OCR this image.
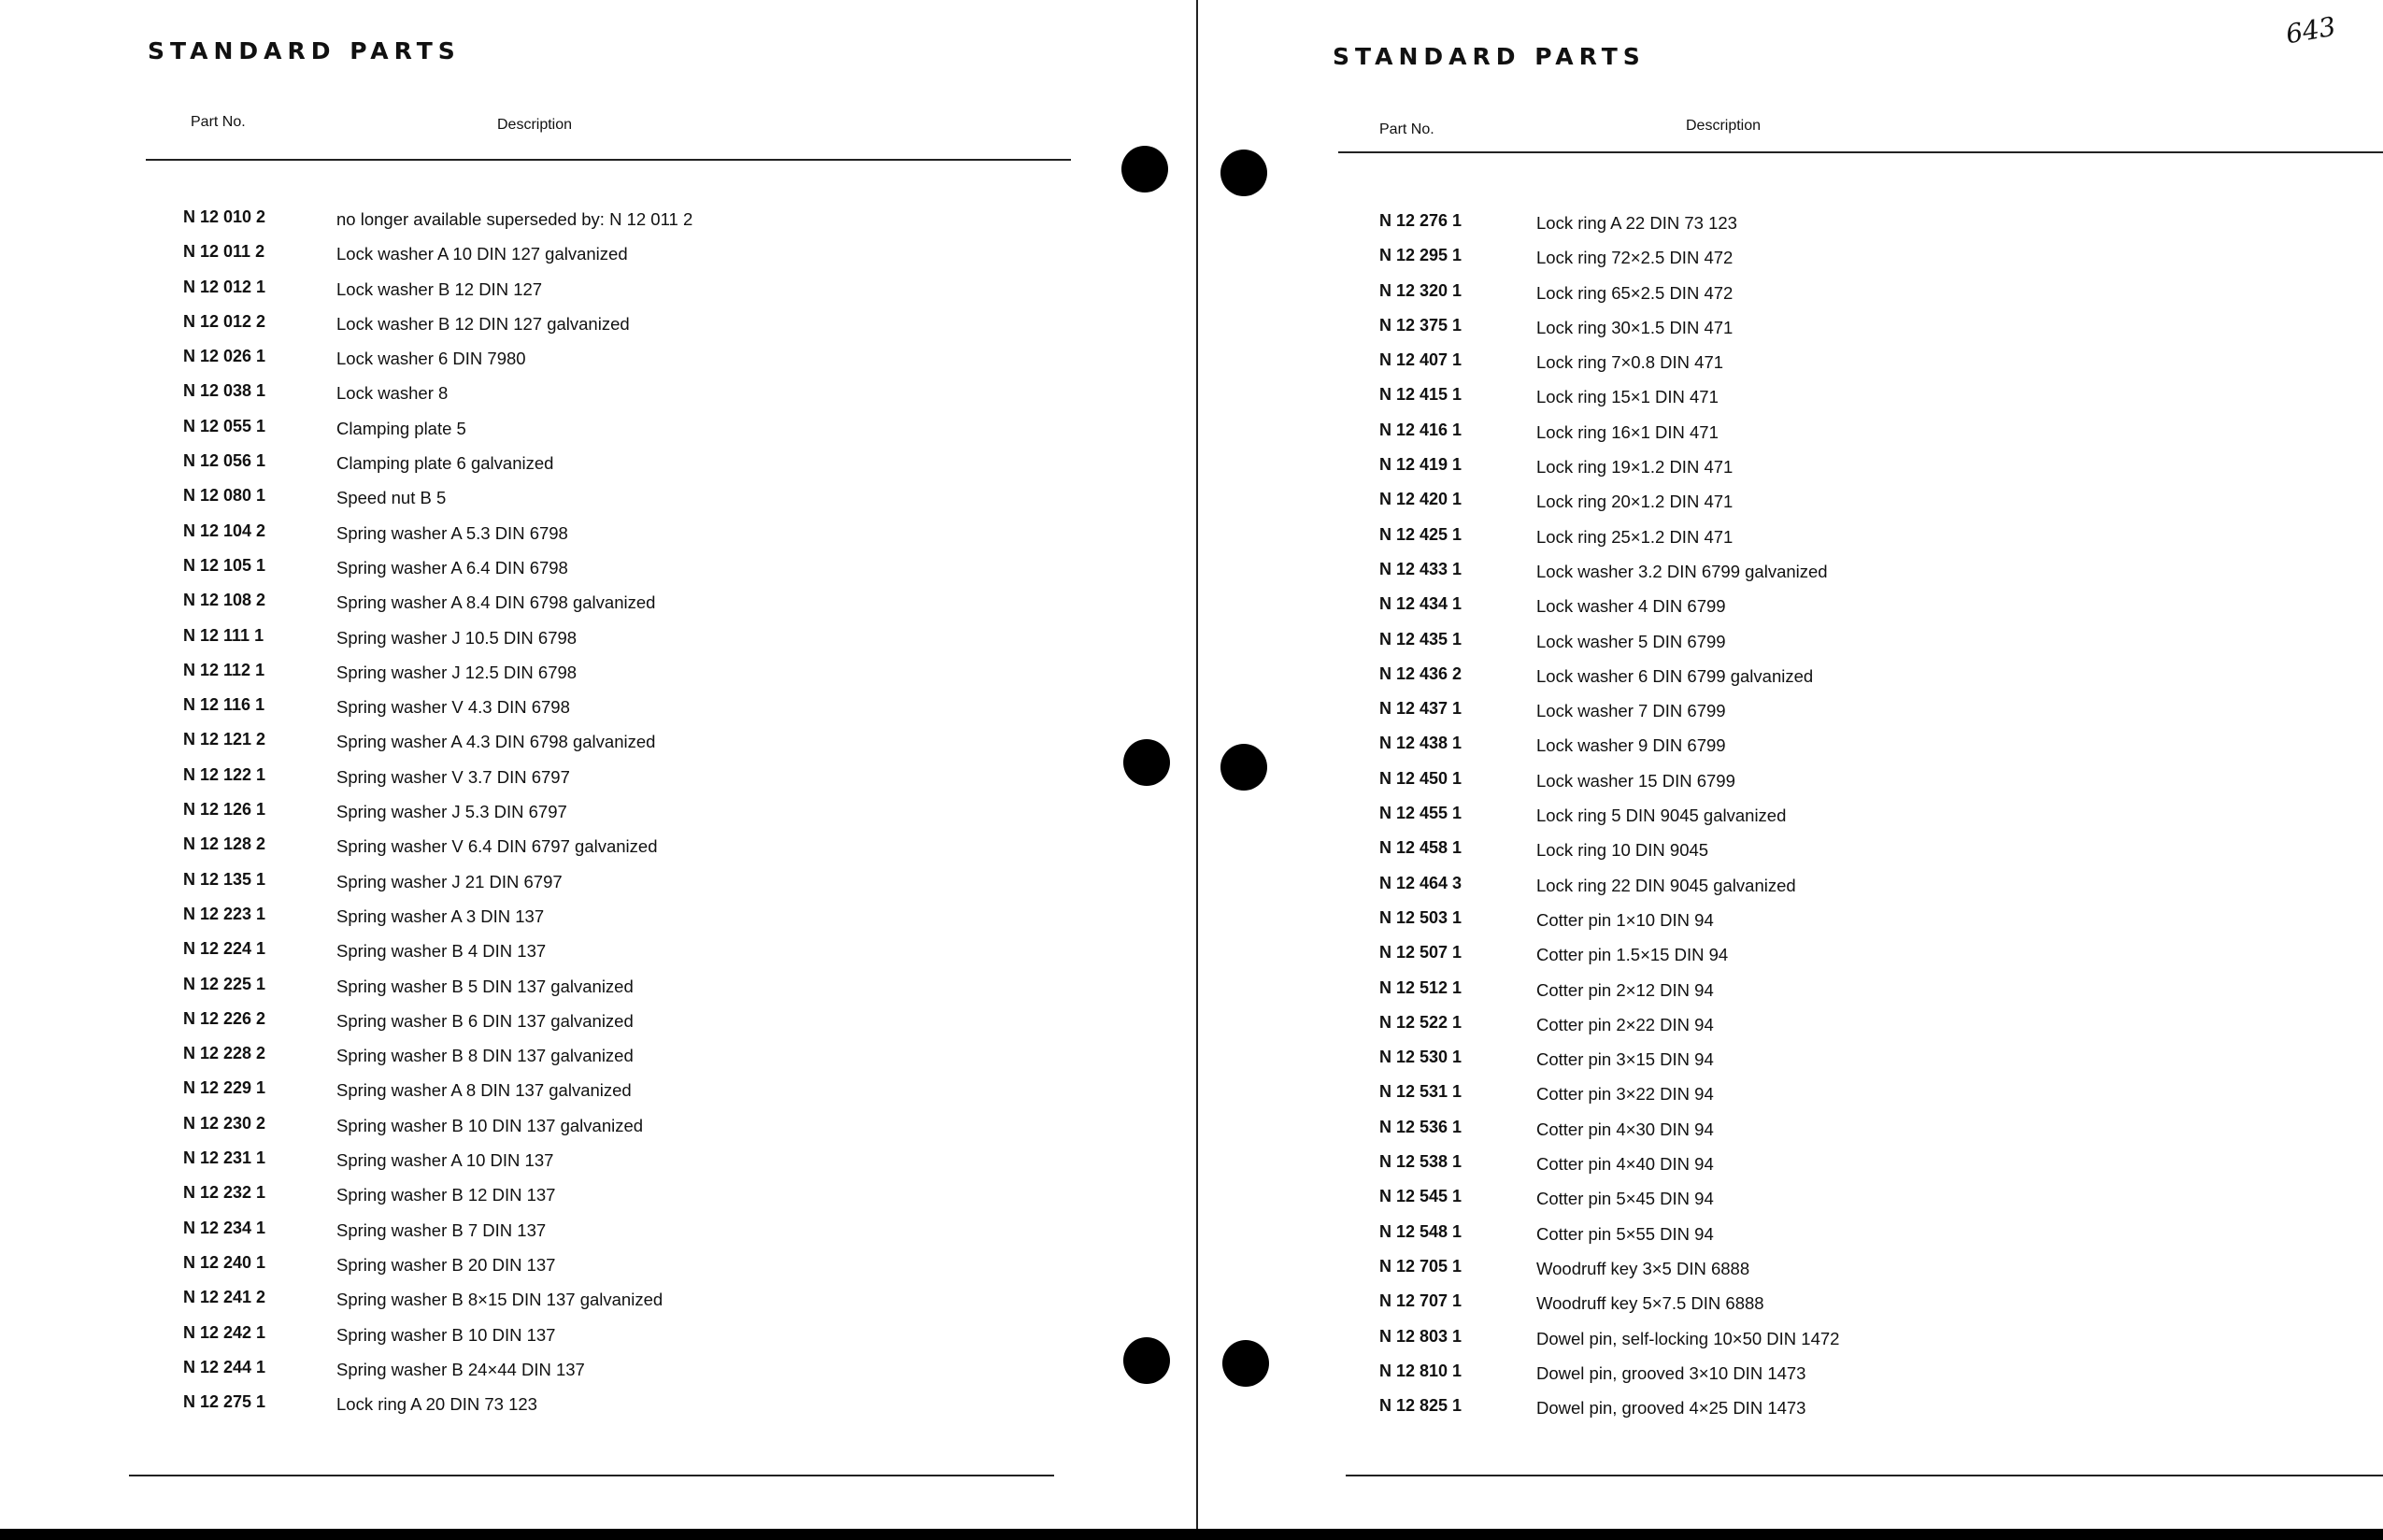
STANDARD PARTS
Part No.	Description
N 12 010 2	no longer available superseded by: N 12 011 2
N 12 011 2	Lock washer A 10 DIN 127 galvanized
N 12 012 1	Lock washer B 12 DIN 127
N 12 012 2	Lock washer B 12 DIN 127 galvanized
N 12 026 1	Lock washer 6 DIN 7980
N 12 038 1	Lock washer 8
N 12 055 1	Clamping plate 5
N 12 056 1	Clamping plate 6 galvanized
N 12 080 1	Speed nut B 5
N 12 104 2	Spring washer A 5.3 DIN 6798
N 12 105 1	Spring washer A 6.4 DIN 6798
N 12 108 2	Spring washer A 8.4 DIN 6798 galvanized
N 12 111 1	Spring washer J 10.5 DIN 6798
N 12 112 1	Spring washer J 12.5 DIN 6798
N 12 116 1	Spring washer V 4.3 DIN 6798
N 12 121 2	Spring washer A 4.3 DIN 6798 galvanized
N 12 122 1	Spring washer V 3.7 DIN 6797
N 12 126 1	Spring washer J 5.3 DIN 6797
N 12 128 2	Spring washer V 6.4 DIN 6797 galvanized
N 12 135 1	Spring washer J 21 DIN 6797
N 12 223 1	Spring washer A 3 DIN 137
N 12 224 1	Spring washer B 4 DIN 137
N 12 225 1	Spring washer B 5 DIN 137 galvanized
N 12 226 2	Spring washer B 6 DIN 137 galvanized
N 12 228 2	Spring washer B 8 DIN 137 galvanized
N 12 229 1	Spring washer A 8 DIN 137 galvanized
N 12 230 2	Spring washer B 10 DIN 137 galvanized
N 12 231 1	Spring washer A 10 DIN 137
N 12 232 1	Spring washer B 12 DIN 137
N 12 234 1	Spring washer B 7 DIN 137
N 12 240 1	Spring washer B 20 DIN 137
N 12 241 2	Spring washer B 8×15 DIN 137 galvanized
N 12 242 1	Spring washer B 10 DIN 137
N 12 244 1	Spring washer B 24×44 DIN 137
N 12 275 1	Lock ring A 20 DIN 73 123
STANDARD PARTS
643
Part No.	Description
N 12 276 1	Lock ring A 22 DIN 73 123
N 12 295 1	Lock ring 72×2.5 DIN 472
N 12 320 1	Lock ring 65×2.5 DIN 472
N 12 375 1	Lock ring 30×1.5 DIN 471
N 12 407 1	Lock ring 7×0.8 DIN 471
N 12 415 1	Lock ring 15×1 DIN 471
N 12 416 1	Lock ring 16×1 DIN 471
N 12 419 1	Lock ring 19×1.2 DIN 471
N 12 420 1	Lock ring 20×1.2 DIN 471
N 12 425 1	Lock ring 25×1.2 DIN 471
N 12 433 1	Lock washer 3.2 DIN 6799 galvanized
N 12 434 1	Lock washer 4 DIN 6799
N 12 435 1	Lock washer 5 DIN 6799
N 12 436 2	Lock washer 6 DIN 6799 galvanized
N 12 437 1	Lock washer 7 DIN 6799
N 12 438 1	Lock washer 9 DIN 6799
N 12 450 1	Lock washer 15 DIN 6799
N 12 455 1	Lock ring 5 DIN 9045 galvanized
N 12 458 1	Lock ring 10 DIN 9045
N 12 464 3	Lock ring 22 DIN 9045 galvanized
N 12 503 1	Cotter pin 1×10 DIN 94
N 12 507 1	Cotter pin 1.5×15 DIN 94
N 12 512 1	Cotter pin 2×12 DIN 94
N 12 522 1	Cotter pin 2×22 DIN 94
N 12 530 1	Cotter pin 3×15 DIN 94
N 12 531 1	Cotter pin 3×22 DIN 94
N 12 536 1	Cotter pin 4×30 DIN 94
N 12 538 1	Cotter pin 4×40 DIN 94
N 12 545 1	Cotter pin 5×45 DIN 94
N 12 548 1	Cotter pin 5×55 DIN 94
N 12 705 1	Woodruff key 3×5 DIN 6888
N 12 707 1	Woodruff key 5×7.5 DIN 6888
N 12 803 1	Dowel pin, self-locking 10×50 DIN 1472
N 12 810 1	Dowel pin, grooved 3×10 DIN 1473
N 12 825 1	Dowel pin, grooved 4×25 DIN 1473
